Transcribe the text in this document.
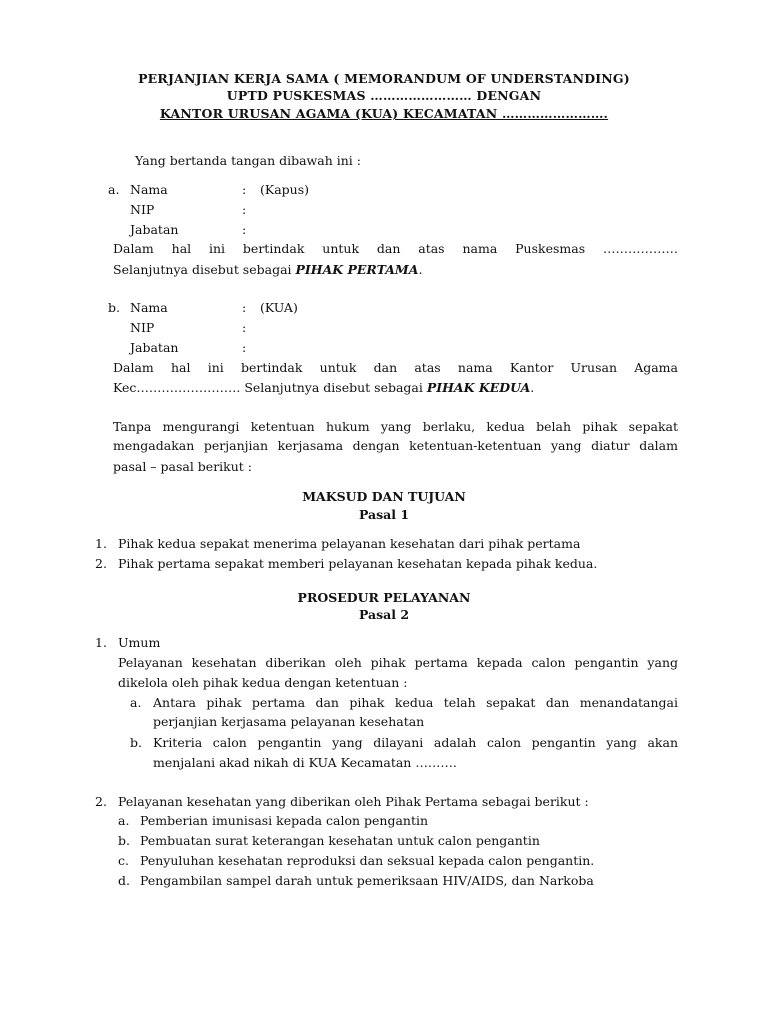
PERJANJIAN KERJA SAMA ( MEMORANDUM OF UNDERSTANDING)
UPTD PUSKESMAS …………………… DENGAN
KANTOR URUSAN AGAMA (KUA) KECAMATAN …………………….
Yang bertanda tangan dibawah ini :
a. Nama	: (Kapus)
NIP	:
Jabatan	:
Dalam hal ini bertindak untuk dan atas nama Puskesmas ………………
Selanjutnya disebut sebagai PIHAK PERTAMA.
b. Nama	: (KUA)
NIP	:
Jabatan	:
Dalam hal ini bertindak untuk dan atas nama Kantor Urusan Agama
Kec……………………. Selanjutnya disebut sebagai PIHAK KEDUA.
Tanpa mengurangi ketentuan hukum yang berlaku, kedua belah pihak sepakat
mengadakan perjanjian kerjasama dengan ketentuan-ketentuan yang diatur dalam
pasal – pasal berikut :
MAKSUD DAN TUJUAN
Pasal 1
1. Pihak kedua sepakat menerima pelayanan kesehatan dari pihak pertama
2. Pihak pertama sepakat memberi pelayanan kesehatan kepada pihak kedua.
PROSEDUR PELAYANAN
Pasal 2
1. Umum
Pelayanan kesehatan diberikan oleh pihak pertama kepada calon pengantin yang
dikelola oleh pihak kedua dengan ketentuan :
a. Antara pihak pertama dan pihak kedua telah sepakat dan menandatangai
perjanjian kerjasama pelayanan kesehatan
b. Kriteria calon pengantin yang dilayani adalah calon pengantin yang akan
menjalani akad nikah di KUA Kecamatan ……….
2. Pelayanan kesehatan yang diberikan oleh Pihak Pertama sebagai berikut :
a. Pemberian imunisasi kepada calon pengantin
b. Pembuatan surat keterangan kesehatan untuk calon pengantin
c. Penyuluhan kesehatan reproduksi dan seksual kepada calon pengantin.
d. Pengambilan sampel darah untuk pemeriksaan HIV/AIDS, dan Narkoba
